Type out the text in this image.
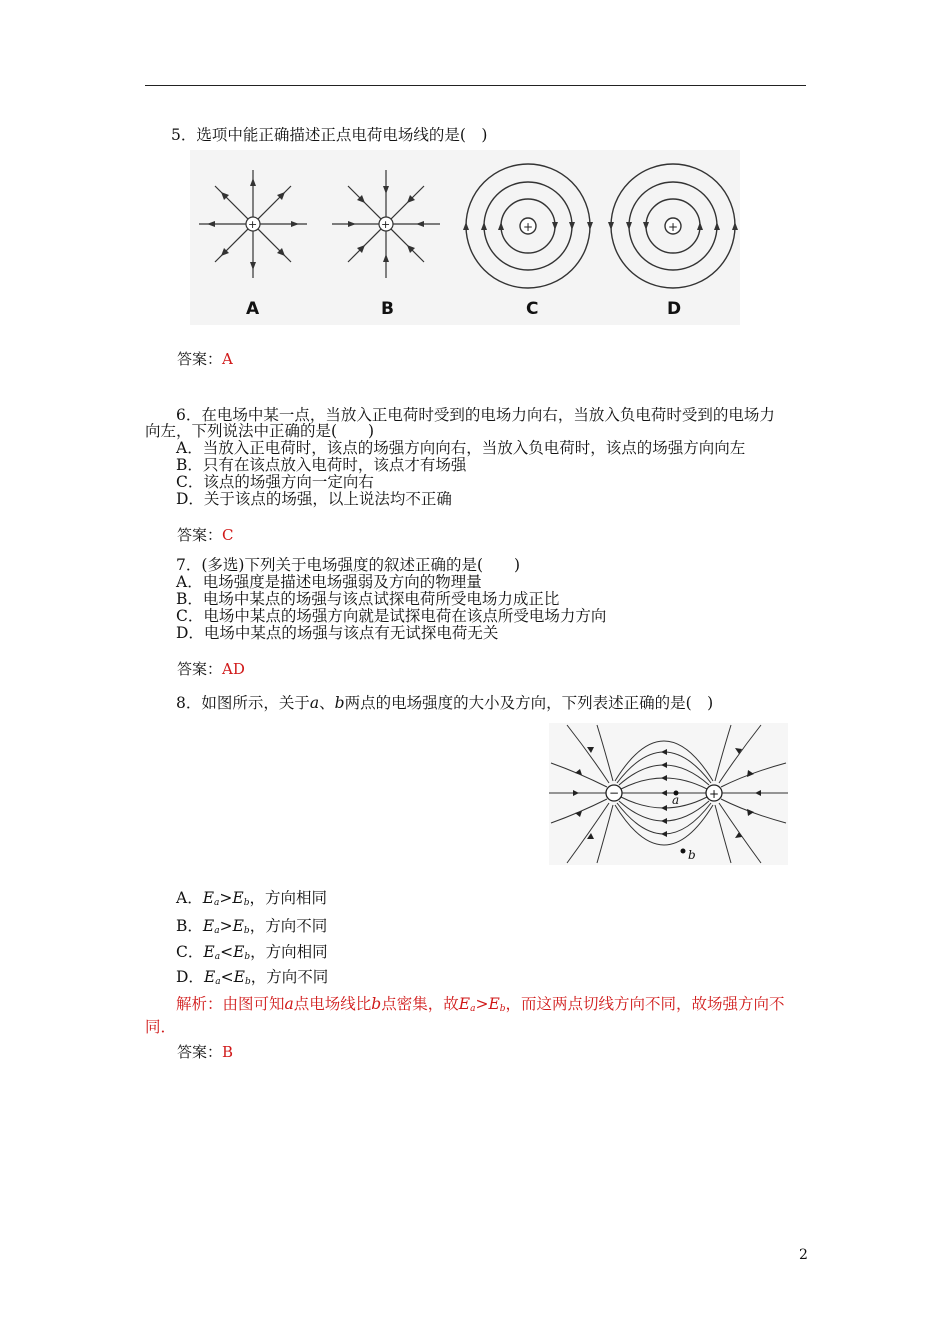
5．选项中能正确描述正点电荷电场线的是(　)
+	+	+	+
A	B	C	D
答案：A
6．在电场中某一点，当放入正电荷时受到的电场力向右，当放入负电荷时受到的电场力
向左，下列说法中正确的是(　　)
A．当放入正电荷时，该点的场强方向向右，当放入负电荷时，该点的场强方向向左
B．只有在该点放入电荷时，该点才有场强
C．该点的场强方向一定向右
D．关于该点的场强，以上说法均不正确
答案：C
7．(多选)下列关于电场强度的叙述正确的是(　　)
A．电场强度是描述电场强弱及方向的物理量
B．电场中某点的场强与该点试探电荷所受电场力成正比
C．电场中某点的场强方向就是试探电荷在该点所受电场力方向
D．电场中某点的场强与该点有无试探电荷无关
答案：AD
8．如图所示，关于a、b两点的电场强度的大小及方向，下列表述正确的是(　)
−	+
a
b
A．$E_a>E_b$，方向相同
B．$E_a>E_b$，方向不同
C．$E_a<E_b$，方向相同
D．$E_a<E_b$，方向不同
解析：由图可知a点电场线比b点密集，故$E_a>E_b$，而这两点切线方向不同，故场强方向不
同．
答案：B
2
